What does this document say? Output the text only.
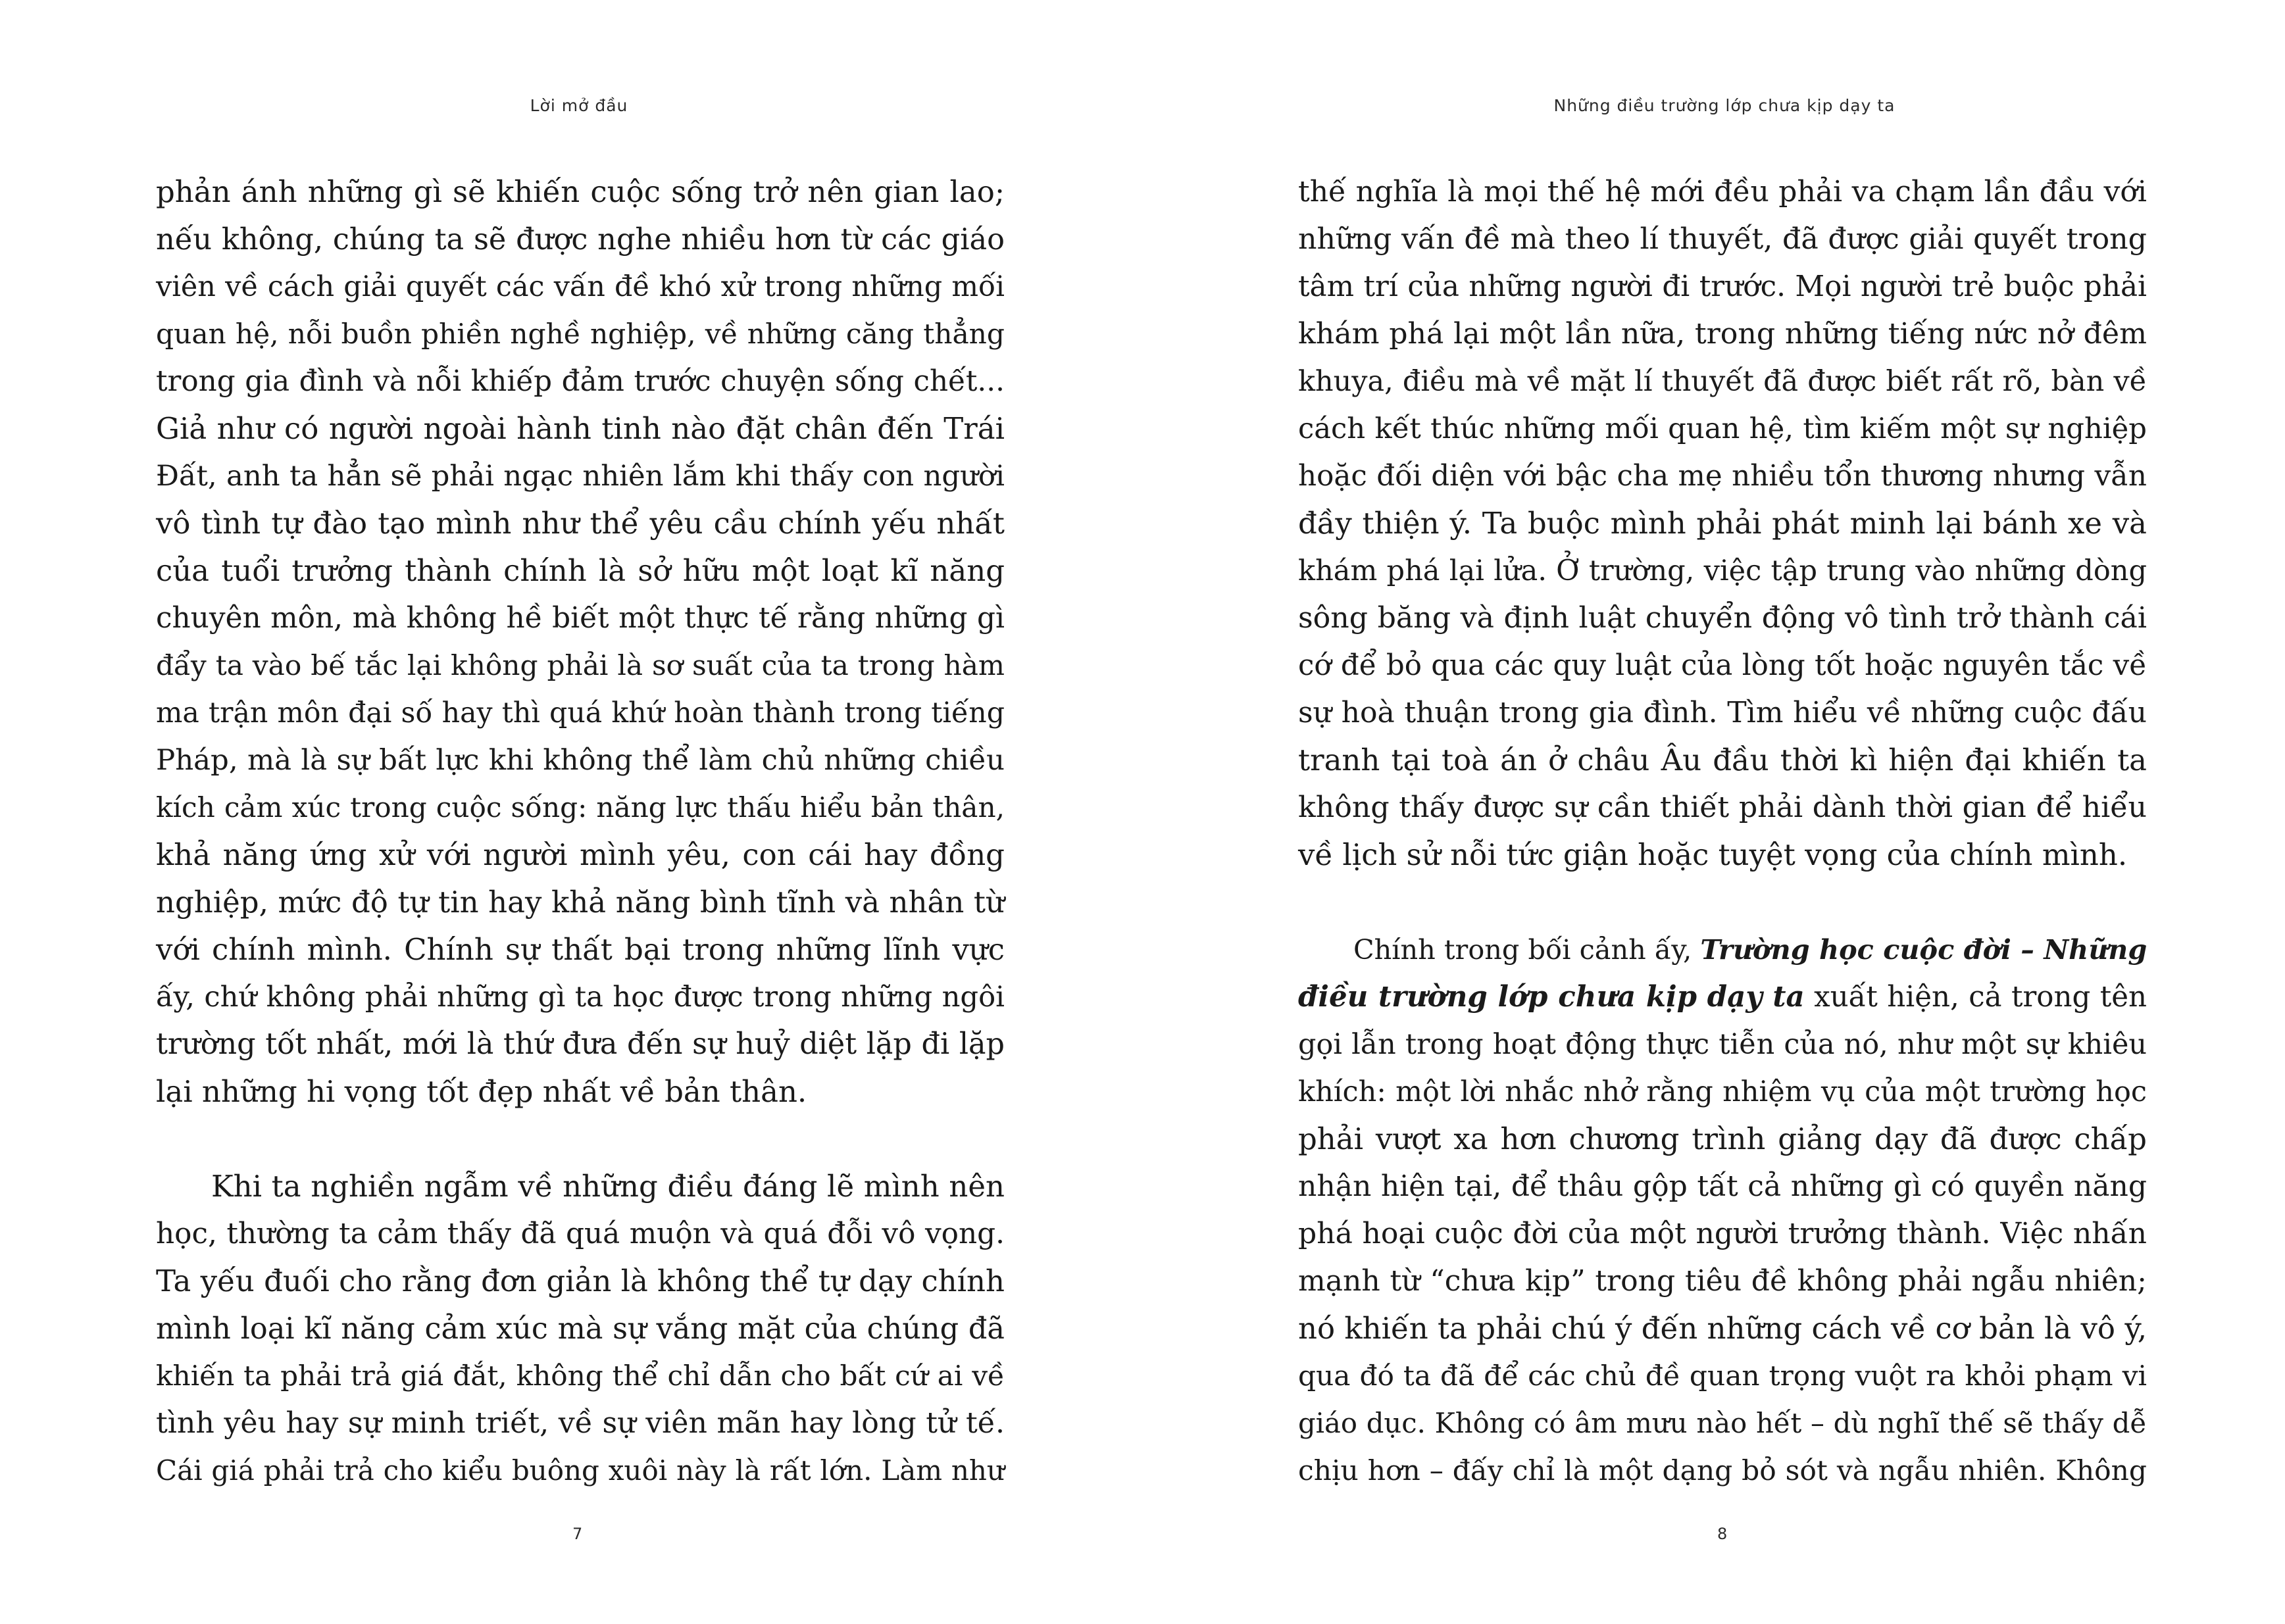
Lời mở đầu
phản ánh những gì sẽ khiến cuộc sống trở nên gian lao;
nếu không, chúng ta sẽ được nghe nhiều hơn từ các giáo
viên về cách giải quyết các vấn đề khó xử trong những mối
quan hệ, nỗi buồn phiền nghề nghiệp, về những căng thẳng
trong gia đình và nỗi khiếp đảm trước chuyện sống chết...
Giả như có người ngoài hành tinh nào đặt chân đến Trái
Đất, anh ta hẳn sẽ phải ngạc nhiên lắm khi thấy con người
vô tình tự đào tạo mình như thể yêu cầu chính yếu nhất
của tuổi trưởng thành chính là sở hữu một loạt kĩ năng
chuyên môn, mà không hề biết một thực tế rằng những gì
đẩy ta vào bế tắc lại không phải là sơ suất của ta trong hàm
ma trận môn đại số hay thì quá khứ hoàn thành trong tiếng
Pháp, mà là sự bất lực khi không thể làm chủ những chiều
kích cảm xúc trong cuộc sống: năng lực thấu hiểu bản thân,
khả năng ứng xử với người mình yêu, con cái hay đồng
nghiệp, mức độ tự tin hay khả năng bình tĩnh và nhân từ
với chính mình. Chính sự thất bại trong những lĩnh vực
ấy, chứ không phải những gì ta học được trong những ngôi
trường tốt nhất, mới là thứ đưa đến sự huỷ diệt lặp đi lặp
lại những hi vọng tốt đẹp nhất về bản thân.
Khi ta nghiền ngẫm về những điều đáng lẽ mình nên
học, thường ta cảm thấy đã quá muộn và quá đỗi vô vọng.
Ta yếu đuối cho rằng đơn giản là không thể tự dạy chính
mình loại kĩ năng cảm xúc mà sự vắng mặt của chúng đã
khiến ta phải trả giá đắt, không thể chỉ dẫn cho bất cứ ai về
tình yêu hay sự minh triết, về sự viên mãn hay lòng tử tế.
Cái giá phải trả cho kiểu buông xuôi này là rất lớn. Làm như
7
Những điều trường lớp chưa kịp dạy ta
thế nghĩa là mọi thế hệ mới đều phải va chạm lần đầu với
những vấn đề mà theo lí thuyết, đã được giải quyết trong
tâm trí của những người đi trước. Mọi người trẻ buộc phải
khám phá lại một lần nữa, trong những tiếng nức nở đêm
khuya, điều mà về mặt lí thuyết đã được biết rất rõ, bàn về
cách kết thúc những mối quan hệ, tìm kiếm một sự nghiệp
hoặc đối diện với bậc cha mẹ nhiều tổn thương nhưng vẫn
đầy thiện ý. Ta buộc mình phải phát minh lại bánh xe và
khám phá lại lửa. Ở trường, việc tập trung vào những dòng
sông băng và định luật chuyển động vô tình trở thành cái
cớ để bỏ qua các quy luật của lòng tốt hoặc nguyên tắc về
sự hoà thuận trong gia đình. Tìm hiểu về những cuộc đấu
tranh tại toà án ở châu Âu đầu thời kì hiện đại khiến ta
không thấy được sự cần thiết phải dành thời gian để hiểu
về lịch sử nỗi tức giận hoặc tuyệt vọng của chính mình.
Chính trong bối cảnh ấy, Trường học cuộc đời – Những
điều trường lớp chưa kịp dạy ta xuất hiện, cả trong tên
gọi lẫn trong hoạt động thực tiễn của nó, như một sự khiêu
khích: một lời nhắc nhở rằng nhiệm vụ của một trường học
phải vượt xa hơn chương trình giảng dạy đã được chấp
nhận hiện tại, để thâu gộp tất cả những gì có quyền năng
phá hoại cuộc đời của một người trưởng thành. Việc nhấn
mạnh từ “chưa kịp” trong tiêu đề không phải ngẫu nhiên;
nó khiến ta phải chú ý đến những cách về cơ bản là vô ý,
qua đó ta đã để các chủ đề quan trọng vuột ra khỏi phạm vi
giáo dục. Không có âm mưu nào hết – dù nghĩ thế sẽ thấy dễ
chịu hơn – đấy chỉ là một dạng bỏ sót và ngẫu nhiên. Không
8
